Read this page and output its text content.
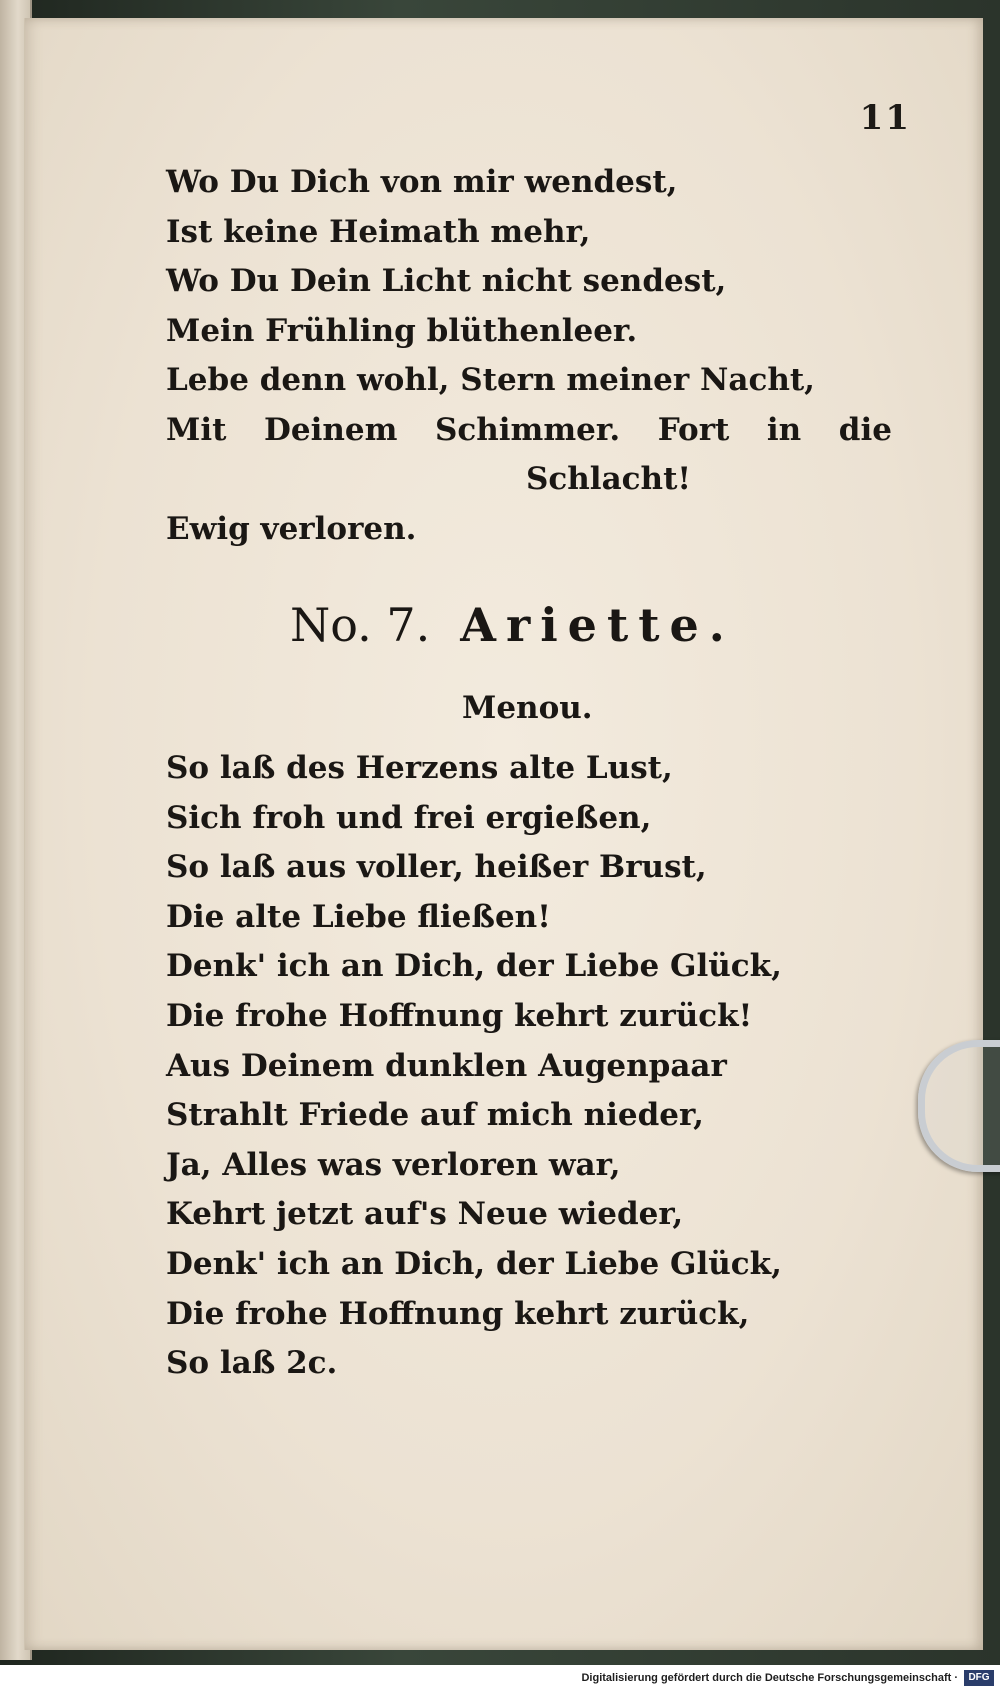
11
Wo Du Dich von mir wendest,
Ist keine Heimath mehr,
Wo Du Dein Licht nicht sendest,
Mein Frühling blüthenleer.
Lebe denn wohl, Stern meiner Nacht,
Mit Deinem Schimmer. Fort in die
Schlacht!
Ewig verloren.
No. 7. Ariette.
Menou.
So laß des Herzens alte Lust,
Sich froh und frei ergießen,
So laß aus voller, heißer Brust,
Die alte Liebe fließen!
Denk' ich an Dich, der Liebe Glück,
Die frohe Hoffnung kehrt zurück!
Aus Deinem dunklen Augenpaar
Strahlt Friede auf mich nieder,
Ja, Alles was verloren war,
Kehrt jetzt auf's Neue wieder,
Denk' ich an Dich, der Liebe Glück,
Die frohe Hoffnung kehrt zurück,
So laß 2c.
Digitalisierung gefördert durch die Deutsche Forschungsgemeinschaft ·	DFG
